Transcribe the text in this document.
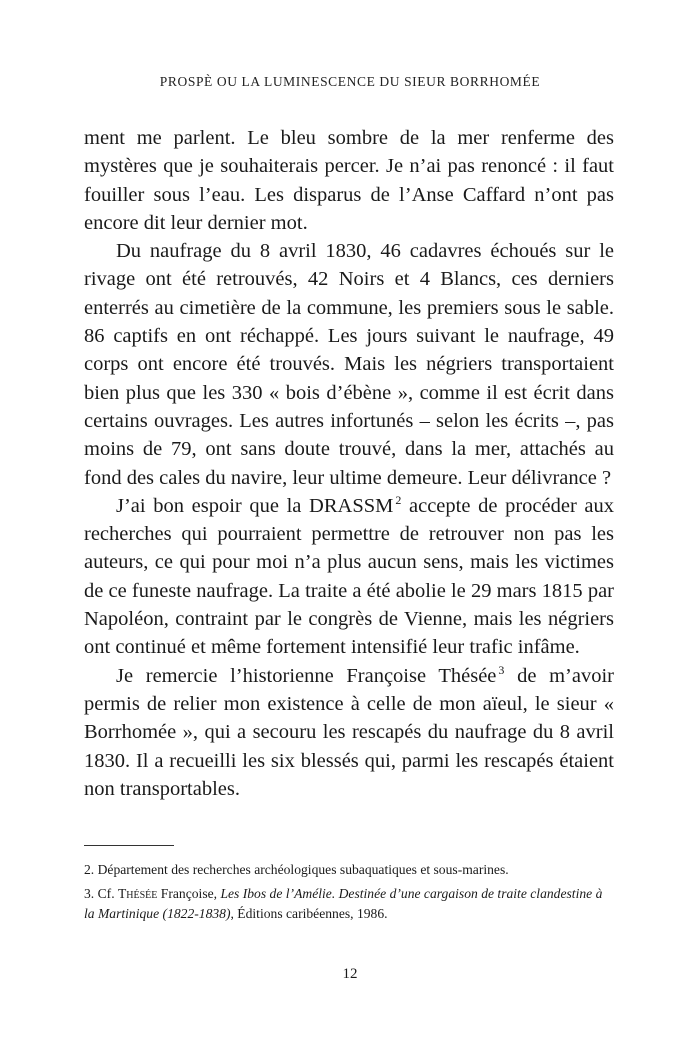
PROSPÈ OU LA LUMINESCENCE DU SIEUR BORRHOMÉE

ment me parlent. Le bleu sombre de la mer renferme des mystères que je souhaiterais percer. Je n’ai pas renoncé : il faut fouiller sous l’eau. Les disparus de l’Anse Caffard n’ont pas encore dit leur dernier mot.

Du naufrage du 8 avril 1830, 46 cadavres échoués sur le rivage ont été retrouvés, 42 Noirs et 4 Blancs, ces derniers enterrés au cimetière de la commune, les premiers sous le sable. 86 captifs en ont réchappé. Les jours suivant le naufrage, 49 corps ont encore été trouvés. Mais les négriers transportaient bien plus que les 330 « bois d’ébène », comme il est écrit dans certains ouvrages. Les autres infortunés – selon les écrits –, pas moins de 79, ont sans doute trouvé, dans la mer, attachés au fond des cales du navire, leur ultime demeure. Leur délivrance ?

J’ai bon espoir que la DRASSM $^2$ accepte de procéder aux recherches qui pourraient permettre de retrouver non pas les auteurs, ce qui pour moi n’a plus aucun sens, mais les victimes de ce funeste naufrage. La traite a été abolie le 29 mars 1815 par Napoléon, contraint par le congrès de Vienne, mais les négriers ont continué et même fortement intensifié leur trafic infâme.

Je remercie l’historienne Françoise Thésée $^3$ de m’avoir permis de relier mon existence à celle de mon aïeul, le sieur « Borrhomée », qui a secouru les rescapés du naufrage du 8 avril 1830. Il a recueilli les six blessés qui, parmi les rescapés étaient non transportables.

2. Département des recherches archéologiques subaquatiques et sous-marines.

3. Cf. Thésée Françoise, Les Ibos de l’Amélie. Destinée d’une cargaison de traite clandestine à la Martinique (1822-1838), Éditions caribéennes, 1986.

12
